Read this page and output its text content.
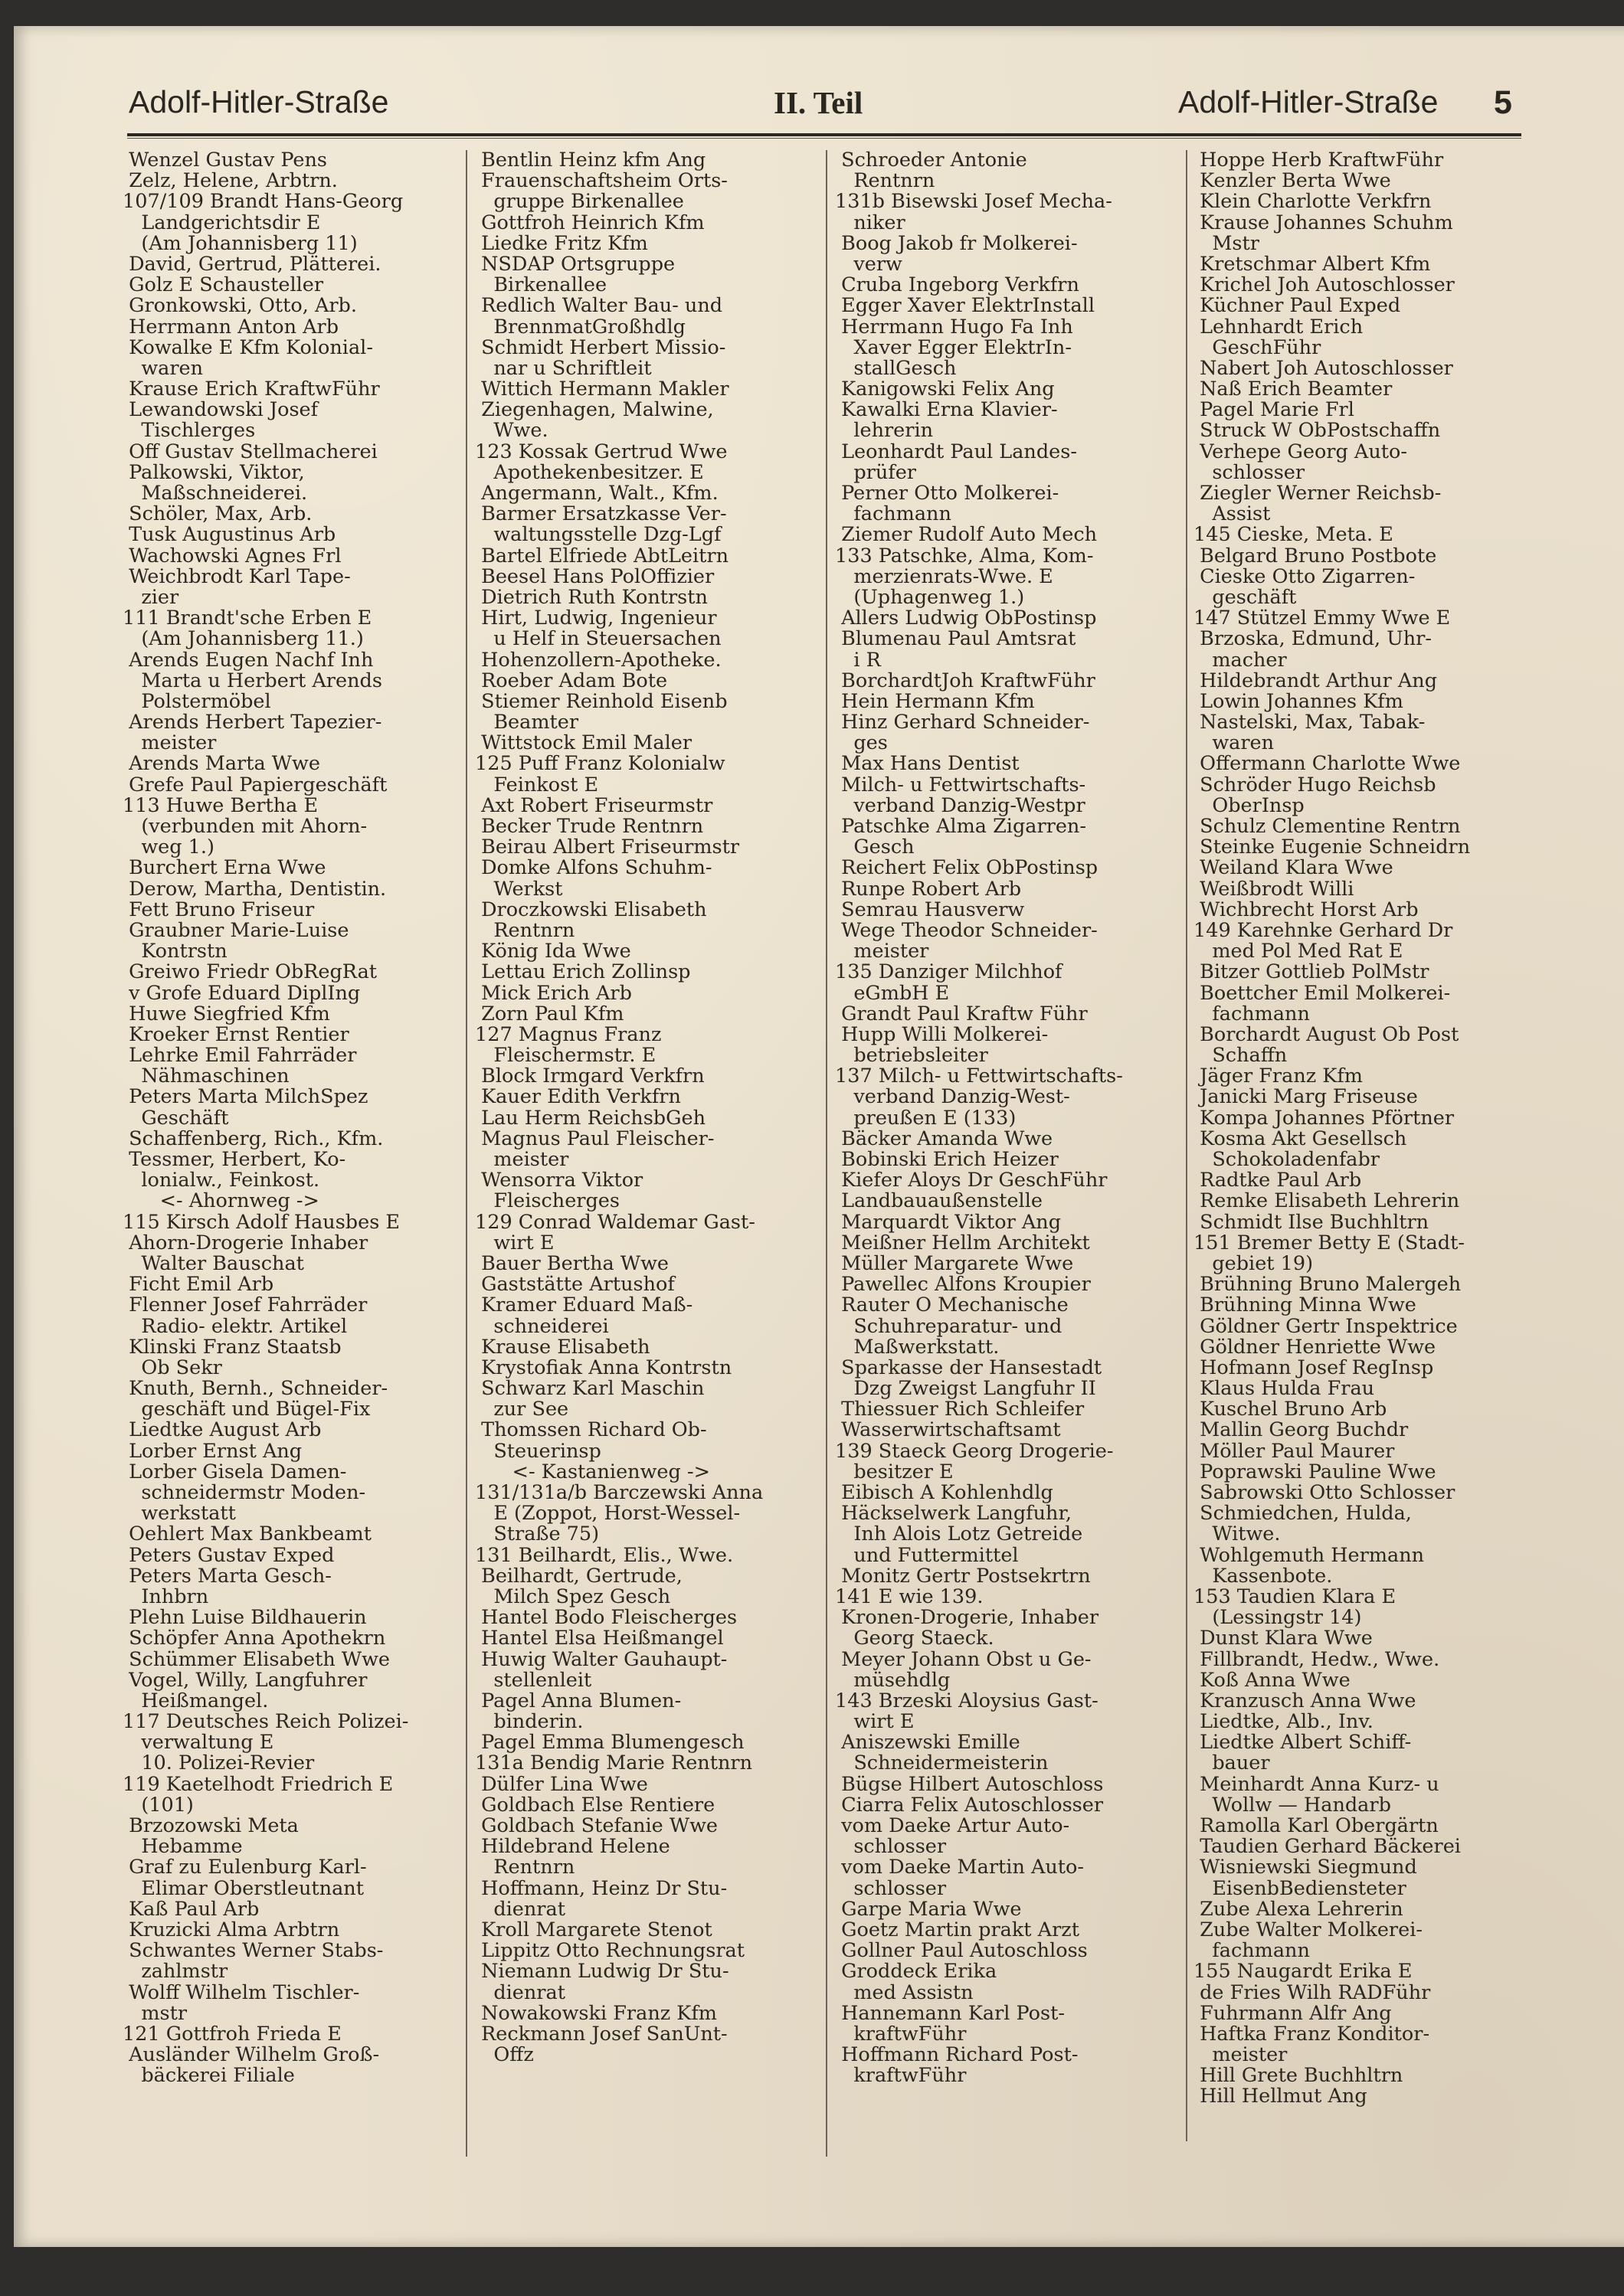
Adolf-Hitler-Straße	II. Teil	Adolf-Hitler-Straße 5
Wenzel Gustav Pens
Zelz, Helene, Arbtrn.
107/109 Brandt Hans-Georg
Landgerichtsdir E
(Am Johannisberg 11)
David, Gertrud, Plätterei.
Golz E Schausteller
Gronkowski, Otto, Arb.
Herrmann Anton Arb
Kowalke E Kfm Kolonial-
waren
Krause Erich KraftwFühr
Lewandowski Josef
Tischlerges
Off Gustav Stellmacherei
Palkowski, Viktor,
Maßschneiderei.
Schöler, Max, Arb.
Tusk Augustinus Arb
Wachowski Agnes Frl
Weichbrodt Karl Tape-
zier
111 Brandt'sche Erben E
(Am Johannisberg 11.)
Arends Eugen Nachf Inh
Marta u Herbert Arends
Polstermöbel
Arends Herbert Tapezier-
meister
Arends Marta Wwe
Grefe Paul Papiergeschäft
113 Huwe Bertha E
(verbunden mit Ahorn-
weg 1.)
Burchert Erna Wwe
Derow, Martha, Dentistin.
Fett Bruno Friseur
Graubner Marie-Luise
Kontrstn
Greiwo Friedr ObRegRat
v Grofe Eduard DiplIng
Huwe Siegfried Kfm
Kroeker Ernst Rentier
Lehrke Emil Fahrräder
Nähmaschinen
Peters Marta MilchSpez
Geschäft
Schaffenberg, Rich., Kfm.
Tessmer, Herbert, Ko-
lonialw., Feinkost.
<- Ahornweg ->
115 Kirsch Adolf Hausbes E
Ahorn-Drogerie Inhaber
Walter Bauschat
Ficht Emil Arb
Flenner Josef Fahrräder
Radio- elektr. Artikel
Klinski Franz Staatsb
Ob Sekr
Knuth, Bernh., Schneider-
geschäft und Bügel-Fix
Liedtke August Arb
Lorber Ernst Ang
Lorber Gisela Damen-
schneidermstr Moden-
werkstatt
Oehlert Max Bankbeamt
Peters Gustav Exped
Peters Marta Gesch-
Inhbrn
Plehn Luise Bildhauerin
Schöpfer Anna Apothekrn
Schümmer Elisabeth Wwe
Vogel, Willy, Langfuhrer
Heißmangel.
117 Deutsches Reich Polizei-
verwaltung E
10. Polizei-Revier
119 Kaetelhodt Friedrich E
(101)
Brzozowski Meta
Hebamme
Graf zu Eulenburg Karl-
Elimar Oberstleutnant
Kaß Paul Arb
Kruzicki Alma Arbtrn
Schwantes Werner Stabs-
zahlmstr
Wolff Wilhelm Tischler-
mstr
121 Gottfroh Frieda E
Ausländer Wilhelm Groß-
bäckerei Filiale
Bentlin Heinz kfm Ang
Frauenschaftsheim Orts-
gruppe Birkenallee
Gottfroh Heinrich Kfm
Liedke Fritz Kfm
NSDAP Ortsgruppe
Birkenallee
Redlich Walter Bau- und
BrennmatGroßhdlg
Schmidt Herbert Missio-
nar u Schriftleit
Wittich Hermann Makler
Ziegenhagen, Malwine,
Wwe.
123 Kossak Gertrud Wwe
Apothekenbesitzer. E
Angermann, Walt., Kfm.
Barmer Ersatzkasse Ver-
waltungsstelle Dzg-Lgf
Bartel Elfriede AbtLeitrn
Beesel Hans PolOffizier
Dietrich Ruth Kontrstn
Hirt, Ludwig, Ingenieur
u Helf in Steuersachen
Hohenzollern-Apotheke.
Roeber Adam Bote
Stiemer Reinhold Eisenb
Beamter
Wittstock Emil Maler
125 Puff Franz Kolonialw
Feinkost E
Axt Robert Friseurmstr
Becker Trude Rentnrn
Beirau Albert Friseurmstr
Domke Alfons Schuhm-
Werkst
Droczkowski Elisabeth
Rentnrn
König Ida Wwe
Lettau Erich Zollinsp
Mick Erich Arb
Zorn Paul Kfm
127 Magnus Franz
Fleischermstr. E
Block Irmgard Verkfrn
Kauer Edith Verkfrn
Lau Herm ReichsbGeh
Magnus Paul Fleischer-
meister
Wensorra Viktor
Fleischerges
129 Conrad Waldemar Gast-
wirt E
Bauer Bertha Wwe
Gaststätte Artushof
Kramer Eduard Maß-
schneiderei
Krause Elisabeth
Krystofiak Anna Kontrstn
Schwarz Karl Maschin
zur See
Thomssen Richard Ob-
Steuerinsp
<- Kastanienweg ->
131/131a/b Barczewski Anna
E (Zoppot, Horst-Wessel-
Straße 75)
131 Beilhardt, Elis., Wwe.
Beilhardt, Gertrude,
Milch Spez Gesch
Hantel Bodo Fleischerges
Hantel Elsa Heißmangel
Huwig Walter Gauhaupt-
stellenleit
Pagel Anna Blumen-
binderin.
Pagel Emma Blumengesch
131a Bendig Marie Rentnrn
Dülfer Lina Wwe
Goldbach Else Rentiere
Goldbach Stefanie Wwe
Hildebrand Helene
Rentnrn
Hoffmann, Heinz Dr Stu-
dienrat
Kroll Margarete Stenot
Lippitz Otto Rechnungsrat
Niemann Ludwig Dr Stu-
dienrat
Nowakowski Franz Kfm
Reckmann Josef SanUnt-
Offz
Schroeder Antonie
Rentnrn
131b Bisewski Josef Mecha-
niker
Boog Jakob fr Molkerei-
verw
Cruba Ingeborg Verkfrn
Egger Xaver ElektrInstall
Herrmann Hugo Fa Inh
Xaver Egger ElektrIn-
stallGesch
Kanigowski Felix Ang
Kawalki Erna Klavier-
lehrerin
Leonhardt Paul Landes-
prüfer
Perner Otto Molkerei-
fachmann
Ziemer Rudolf Auto Mech
133 Patschke, Alma, Kom-
merzienrats-Wwe. E
(Uphagenweg 1.)
Allers Ludwig ObPostinsp
Blumenau Paul Amtsrat
i R
BorchardtJoh KraftwFühr
Hein Hermann Kfm
Hinz Gerhard Schneider-
ges
Max Hans Dentist
Milch- u Fettwirtschafts-
verband Danzig-Westpr
Patschke Alma Zigarren-
Gesch
Reichert Felix ObPostinsp
Runpe Robert Arb
Semrau Hausverw
Wege Theodor Schneider-
meister
135 Danziger Milchhof
eGmbH E
Grandt Paul Kraftw Führ
Hupp Willi Molkerei-
betriebsleiter
137 Milch- u Fettwirtschafts-
verband Danzig-West-
preußen E (133)
Bäcker Amanda Wwe
Bobinski Erich Heizer
Kiefer Aloys Dr GeschFühr
Landbauaußenstelle
Marquardt Viktor Ang
Meißner Hellm Architekt
Müller Margarete Wwe
Pawellec Alfons Kroupier
Rauter O Mechanische
Schuhreparatur- und
Maßwerkstatt.
Sparkasse der Hansestadt
Dzg Zweigst Langfuhr II
Thiessuer Rich Schleifer
Wasserwirtschaftsamt
139 Staeck Georg Drogerie-
besitzer E
Eibisch A Kohlenhdlg
Häckselwerk Langfuhr,
Inh Alois Lotz Getreide
und Futtermittel
Monitz Gertr Postsekrtrn
141 E wie 139.
Kronen-Drogerie, Inhaber
Georg Staeck.
Meyer Johann Obst u Ge-
müsehdlg
143 Brzeski Aloysius Gast-
wirt E
Aniszewski Emille
Schneidermeisterin
Bügse Hilbert Autoschloss
Ciarra Felix Autoschlosser
vom Daeke Artur Auto-
schlosser
vom Daeke Martin Auto-
schlosser
Garpe Maria Wwe
Goetz Martin prakt Arzt
Gollner Paul Autoschloss
Groddeck Erika
med Assistn
Hannemann Karl Post-
kraftwFühr
Hoffmann Richard Post-
kraftwFühr
Hoppe Herb KraftwFühr
Kenzler Berta Wwe
Klein Charlotte Verkfrn
Krause Johannes Schuhm
Mstr
Kretschmar Albert Kfm
Krichel Joh Autoschlosser
Küchner Paul Exped
Lehnhardt Erich
GeschFühr
Nabert Joh Autoschlosser
Naß Erich Beamter
Pagel Marie Frl
Struck W ObPostschaffn
Verhepe Georg Auto-
schlosser
Ziegler Werner Reichsb-
Assist
145 Cieske, Meta. E
Belgard Bruno Postbote
Cieske Otto Zigarren-
geschäft
147 Stützel Emmy Wwe E
Brzoska, Edmund, Uhr-
macher
Hildebrandt Arthur Ang
Lowin Johannes Kfm
Nastelski, Max, Tabak-
waren
Offermann Charlotte Wwe
Schröder Hugo Reichsb
OberInsp
Schulz Clementine Rentrn
Steinke Eugenie Schneidrn
Weiland Klara Wwe
Weißbrodt Willi
Wichbrecht Horst Arb
149 Karehnke Gerhard Dr
med Pol Med Rat E
Bitzer Gottlieb PolMstr
Boettcher Emil Molkerei-
fachmann
Borchardt August Ob Post
Schaffn
Jäger Franz Kfm
Janicki Marg Friseuse
Kompa Johannes Pförtner
Kosma Akt Gesellsch
Schokoladenfabr
Radtke Paul Arb
Remke Elisabeth Lehrerin
Schmidt Ilse Buchhltrn
151 Bremer Betty E (Stadt-
gebiet 19)
Brühning Bruno Malergeh
Brühning Minna Wwe
Göldner Gertr Inspektrice
Göldner Henriette Wwe
Hofmann Josef RegInsp
Klaus Hulda Frau
Kuschel Bruno Arb
Mallin Georg Buchdr
Möller Paul Maurer
Poprawski Pauline Wwe
Sabrowski Otto Schlosser
Schmiedchen, Hulda,
Witwe.
Wohlgemuth Hermann
Kassenbote.
153 Taudien Klara E
(Lessingstr 14)
Dunst Klara Wwe
Fillbrandt, Hedw., Wwe.
Koß Anna Wwe
Kranzusch Anna Wwe
Liedtke, Alb., Inv.
Liedtke Albert Schiff-
bauer
Meinhardt Anna Kurz- u
Wollw — Handarb
Ramolla Karl Obergärtn
Taudien Gerhard Bäckerei
Wisniewski Siegmund
EisenbBediensteter
Zube Alexa Lehrerin
Zube Walter Molkerei-
fachmann
155 Naugardt Erika E
de Fries Wilh RADFühr
Fuhrmann Alfr Ang
Haftka Franz Konditor-
meister
Hill Grete Buchhltrn
Hill Hellmut Ang
